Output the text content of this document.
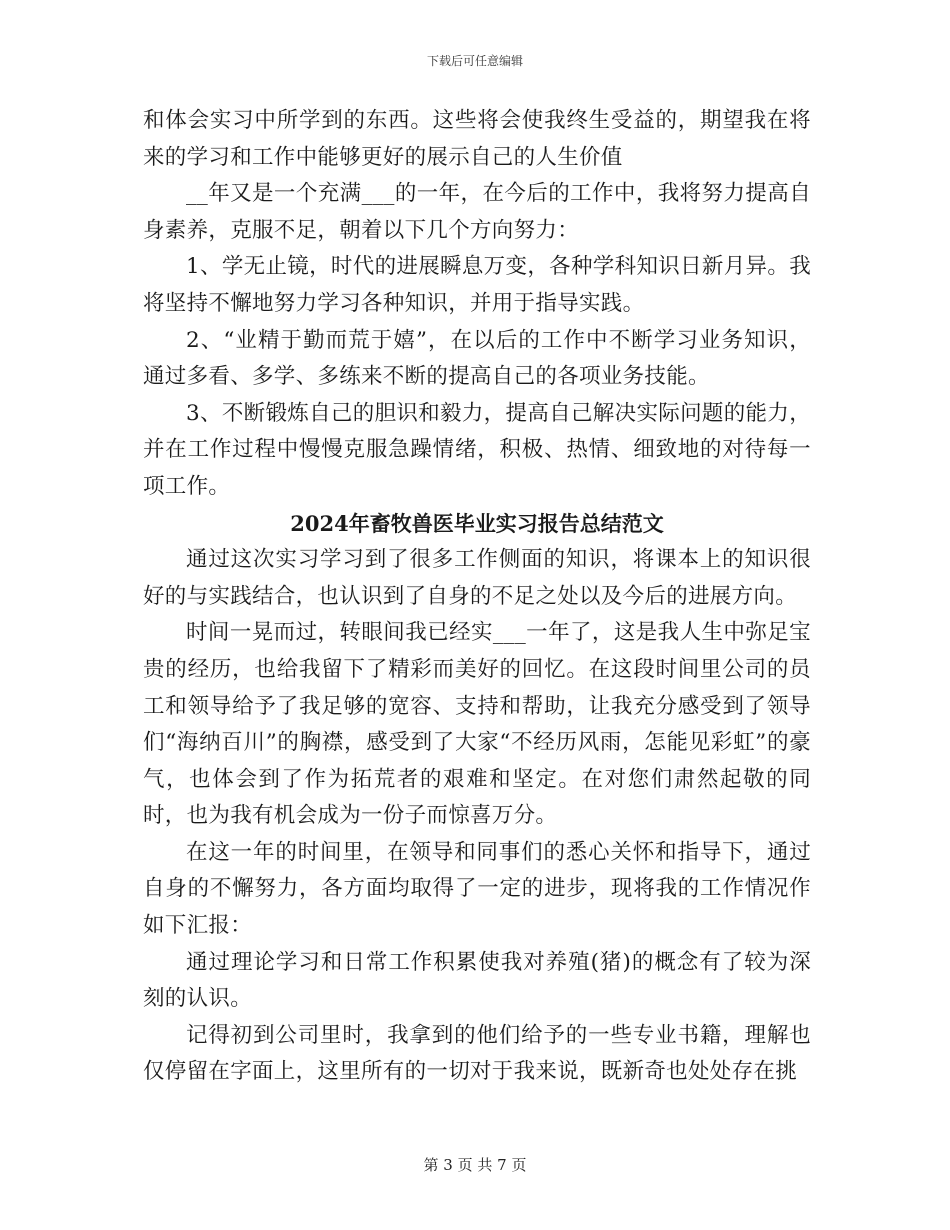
下载后可任意编辑

和体会实习中所学到的东西。这些将会使我终生受益的，期望我在将来的学习和工作中能够更好的展示自己的人生价值

__年又是一个充满___的一年，在今后的工作中，我将努力提高自身素养，克服不足，朝着以下几个方向努力：

1、学无止镜，时代的进展瞬息万变，各种学科知识日新月异。我将坚持不懈地努力学习各种知识，并用于指导实践。

2、“业精于勤而荒于嬉”，在以后的工作中不断学习业务知识，通过多看、多学、多练来不断的提高自己的各项业务技能。

3、不断锻炼自己的胆识和毅力，提高自己解决实际问题的能力，并在工作过程中慢慢克服急躁情绪，积极、热情、细致地的对待每一项工作。

2024年畜牧兽医毕业实习报告总结范文

通过这次实习学习到了很多工作侧面的知识，将课本上的知识很好的与实践结合，也认识到了自身的不足之处以及今后的进展方向。

时间一晃而过，转眼间我已经实___一年了，这是我人生中弥足宝贵的经历，也给我留下了精彩而美好的回忆。在这段时间里公司的员工和领导给予了我足够的宽容、支持和帮助，让我充分感受到了领导们“海纳百川”的胸襟，感受到了大家“不经历风雨，怎能见彩虹”的豪气，也体会到了作为拓荒者的艰难和坚定。在对您们肃然起敬的同时，也为我有机会成为一份子而惊喜万分。

在这一年的时间里，在领导和同事们的悉心关怀和指导下，通过自身的不懈努力，各方面均取得了一定的进步，现将我的工作情况作如下汇报：

通过理论学习和日常工作积累使我对养殖(猪)的概念有了较为深刻的认识。

记得初到公司里时，我拿到的他们给予的一些专业书籍，理解也仅停留在字面上，这里所有的一切对于我来说，既新奇也处处存在挑

第 3 页 共 7 页
